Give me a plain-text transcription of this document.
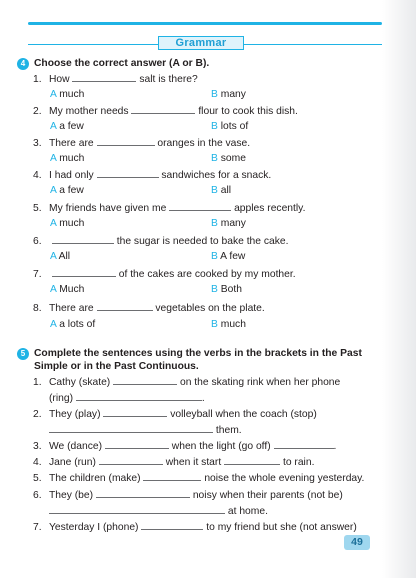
Grammar
4 Choose the correct answer (A or B).
1. How	salt is there?
A much	B many
2. My mother needs	flour to cook this dish.
A a few	B lots of
3. There are	oranges in the vase.
A much	B some
4. I had only	sandwiches for a snack.
A a few	B all
5. My friends have given me	apples recently.
A much	B many
6.	the sugar is needed to bake the cake.
A All	B A few
7.	of the cakes are cooked by my mother.
A Much	B Both
8. There are	vegetables on the plate.
A a lots of	B much
5 Complete the sentences using the verbs in the brackets in the Past
Simple or in the Past Continuous.
1. Cathy (skate)	on the skating rink when her phone
(ring)	.
2. They (play)	volleyball when the coach (stop)
them.
3. We (dance)	when the light (go off)	.
4. Jane (run)	when it start	to rain.
5. The children (make)	noise the whole evening yesterday.
6. They (be)	noisy when their parents (not be)
at home.
7. Yesterday I (phone)	to my friend but she (not answer)
49
